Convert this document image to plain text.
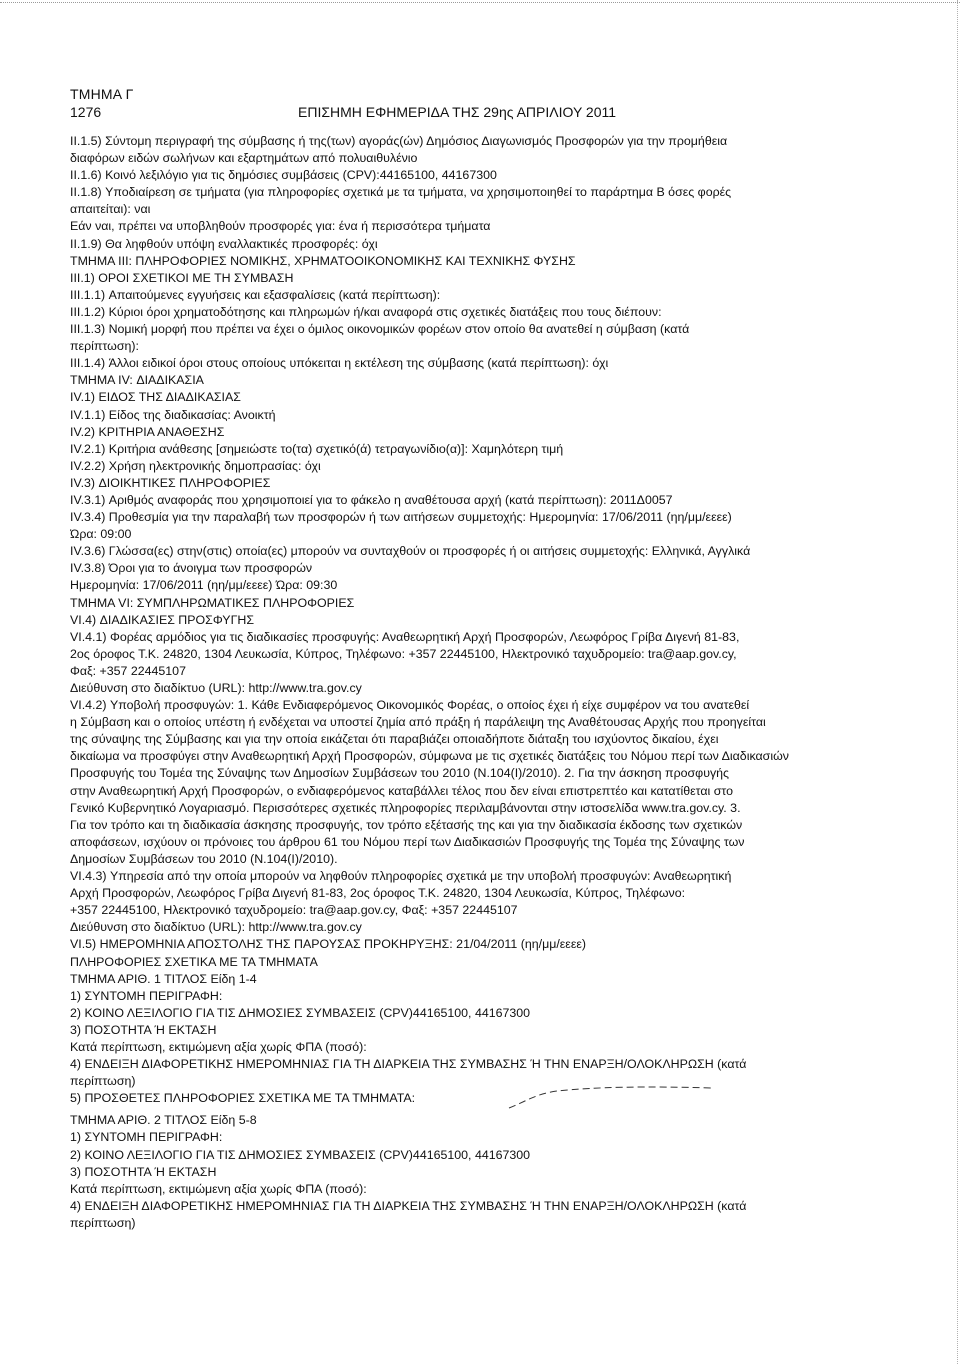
ΤΜΗΜΑ Γ
1276	ΕΠΙΣΗΜΗ ΕΦΗΜΕΡΙΔΑ ΤΗΣ 29ης ΑΠΡΙΛΙΟΥ 2011
II.1.5) Σύντομη περιγραφή της σύμβασης ή της(των) αγοράς(ών) Δημόσιος Διαγωνισμός Προσφορών για την προμήθεια
διαφόρων ειδών σωλήνων και εξαρτημάτων από πολυαιθυλένιο
II.1.6) Κοινό λεξιλόγιο για τις δημόσιες συμβάσεις (CPV):44165100, 44167300
II.1.8) Υποδιαίρεση σε τμήματα (για πληροφορίες σχετικά με τα τμήματα, να χρησιμοποιηθεί το παράρτημα Β όσες φορές
απαιτείται): ναι
Εάν ναι, πρέπει να υποβληθούν προσφορές για: ένα ή περισσότερα τμήματα
II.1.9) Θα ληφθούν υπόψη εναλλακτικές προσφορές: όχι
ΤΜΗΜΑ III: ΠΛΗΡΟΦΟΡΙΕΣ ΝΟΜΙΚΗΣ, ΧΡΗΜΑΤΟΟΙΚΟΝΟΜΙΚΗΣ ΚΑΙ ΤΕΧΝΙΚΗΣ ΦΥΣΗΣ
III.1) ΟΡΟΙ ΣΧΕΤΙΚΟΙ ΜΕ ΤΗ ΣΥΜΒΑΣΗ
III.1.1) Απαιτούμενες εγγυήσεις και εξασφαλίσεις (κατά περίπτωση):
III.1.2) Κύριοι όροι χρηματοδότησης και πληρωμών ή/και αναφορά στις σχετικές διατάξεις που τους διέπουν:
III.1.3) Νομική μορφή που πρέπει να έχει ο όμιλος οικονομικών φορέων στον οποίο θα ανατεθεί η σύμβαση (κατά
περίπτωση):
III.1.4) Άλλοι ειδικοί όροι στους οποίους υπόκειται η εκτέλεση της σύμβασης (κατά περίπτωση): όχι
ΤΜΗΜΑ IV: ΔΙΑΔΙΚΑΣΙΑ
IV.1) ΕΙΔΟΣ ΤΗΣ ΔΙΑΔΙΚΑΣΙΑΣ
IV.1.1) Είδος της διαδικασίας: Ανοικτή
IV.2) ΚΡΙΤΗΡΙΑ ΑΝΑΘΕΣΗΣ
IV.2.1) Κριτήρια ανάθεσης [σημειώστε το(τα) σχετικό(ά) τετραγωνίδιο(α)]: Χαμηλότερη τιμή
IV.2.2) Χρήση ηλεκτρονικής δημοπρασίας: όχι
IV.3) ΔΙΟΙΚΗΤΙΚΕΣ ΠΛΗΡΟΦΟΡΙΕΣ
IV.3.1) Αριθμός αναφοράς που χρησιμοποιεί για το φάκελο η αναθέτουσα αρχή (κατά περίπτωση): 2011Δ0057
IV.3.4) Προθεσμία για την παραλαβή των προσφορών ή των αιτήσεων συμμετοχής: Ημερομηνία: 17/06/2011 (ηη/μμ/εεεε)
Ώρα: 09:00
IV.3.6) Γλώσσα(ες) στην(στις) οποία(ες) μπορούν να συνταχθούν οι προσφορές ή οι αιτήσεις συμμετοχής: Ελληνικά, Αγγλικά
IV.3.8) Όροι για το άνοιγμα των προσφορών
Ημερομηνία: 17/06/2011 (ηη/μμ/εεεε) Ώρα: 09:30
ΤΜΗΜΑ VI: ΣΥΜΠΛΗΡΩΜΑΤΙΚΕΣ ΠΛΗΡΟΦΟΡΙΕΣ
VI.4) ΔΙΑΔΙΚΑΣΙΕΣ ΠΡΟΣΦΥΓΗΣ
VI.4.1) Φορέας αρμόδιος για τις διαδικασίες προσφυγής: Αναθεωρητική Αρχή Προσφορών, Λεωφόρος Γρίβα Διγενή 81-83,
2ος όροφος Τ.Κ. 24820, 1304 Λευκωσία, Κύπρος, Τηλέφωνο: +357 22445100, Ηλεκτρονικό ταχυδρομείο: tra@aap.gov.cy,
Φαξ: +357 22445107
Διεύθυνση στο διαδίκτυο (URL): http://www.tra.gov.cy
VI.4.2) Υποβολή προσφυγών: 1. Κάθε Ενδιαφερόμενος Οικονομικός Φορέας, ο οποίος έχει ή είχε συμφέρον να του ανατεθεί
η Σύμβαση και ο οποίος υπέστη ή ενδέχεται να υποστεί ζημία από πράξη ή παράλειψη της Αναθέτουσας Αρχής που προηγείται
της σύναψης της Σύμβασης και για την οποία εικάζεται ότι παραβιάζει οποιαδήποτε διάταξη του ισχύοντος δικαίου, έχει
δικαίωμα να προσφύγει στην Αναθεωρητική Αρχή Προσφορών, σύμφωνα με τις σχετικές διατάξεις του Νόμου περί των Διαδικασιών
Προσφυγής του Τομέα της Σύναψης των Δημοσίων Συμβάσεων του 2010 (Ν.104(Ι)/2010). 2. Για την άσκηση προσφυγής
στην Αναθεωρητική Αρχή Προσφορών, ο ενδιαφερόμενος καταβάλλει τέλος που δεν είναι επιστρεπτέο και κατατίθεται στο
Γενικό Κυβερνητικό Λογαριασμό. Περισσότερες σχετικές πληροφορίες περιλαμβάνονται στην ιστοσελίδα www.tra.gov.cy. 3.
Για τον τρόπο και τη διαδικασία άσκησης προσφυγής, τον τρόπο εξέτασής της και για την διαδικασία έκδοσης των σχετικών
αποφάσεων, ισχύουν οι πρόνοιες του άρθρου 61 του Νόμου περί των Διαδικασιών Προσφυγής της Τομέα της Σύναψης των
Δημοσίων Συμβάσεων του 2010 (Ν.104(Ι)/2010).
VI.4.3) Υπηρεσία από την οποία μπορούν να ληφθούν πληροφορίες σχετικά με την υποβολή προσφυγών: Αναθεωρητική
Αρχή Προσφορών, Λεωφόρος Γρίβα Διγενή 81-83, 2ος όροφος Τ.Κ. 24820, 1304 Λευκωσία, Κύπρος, Τηλέφωνο:
+357 22445100, Ηλεκτρονικό ταχυδρομείο: tra@aap.gov.cy, Φαξ: +357 22445107
Διεύθυνση στο διαδίκτυο (URL): http://www.tra.gov.cy
VI.5) ΗΜΕΡΟΜΗΝΙΑ ΑΠΟΣΤΟΛΗΣ ΤΗΣ ΠΑΡΟΥΣΑΣ ΠΡΟΚΗΡΥΞΗΣ: 21/04/2011 (ηη/μμ/εεεε)
ΠΛΗΡΟΦΟΡΙΕΣ ΣΧΕΤΙΚΑ ΜΕ ΤΑ ΤΜΗΜΑΤΑ
ΤΜΗΜΑ ΑΡΙΘ. 1 ΤΙΤΛΟΣ Είδη 1-4
1) ΣΥΝΤΟΜΗ ΠΕΡΙΓΡΑΦΗ:
2) ΚΟΙΝΟ ΛΕΞΙΛΟΓΙΟ ΓΙΑ ΤΙΣ ΔΗΜΟΣΙΕΣ ΣΥΜΒΑΣΕΙΣ (CPV)44165100, 44167300
3) ΠΟΣΟΤΗΤΑ Ή ΕΚΤΑΣΗ
Κατά περίπτωση, εκτιμώμενη αξία χωρίς ΦΠΑ (ποσό):
4) ΕΝΔΕΙΞΗ ΔΙΑΦΟΡΕΤΙΚΗΣ ΗΜΕΡΟΜΗΝΙΑΣ ΓΙΑ ΤΗ ΔΙΑΡΚΕΙΑ ΤΗΣ ΣΥΜΒΑΣΗΣ Ή ΤΗΝ ΕΝΑΡΞΗ/ΟΛΟΚΛΗΡΩΣΗ (κατά
περίπτωση)
5) ΠΡΟΣΘΕΤΕΣ ΠΛΗΡΟΦΟΡΙΕΣ ΣΧΕΤΙΚΑ ΜΕ ΤΑ ΤΜΗΜΑΤΑ:
ΤΜΗΜΑ ΑΡΙΘ. 2 ΤΙΤΛΟΣ Είδη 5-8
1) ΣΥΝΤΟΜΗ ΠΕΡΙΓΡΑΦΗ:
2) ΚΟΙΝΟ ΛΕΞΙΛΟΓΙΟ ΓΙΑ ΤΙΣ ΔΗΜΟΣΙΕΣ ΣΥΜΒΑΣΕΙΣ (CPV)44165100, 44167300
3) ΠΟΣΟΤΗΤΑ Ή ΕΚΤΑΣΗ
Κατά περίπτωση, εκτιμώμενη αξία χωρίς ΦΠΑ (ποσό):
4) ΕΝΔΕΙΞΗ ΔΙΑΦΟΡΕΤΙΚΗΣ ΗΜΕΡΟΜΗΝΙΑΣ ΓΙΑ ΤΗ ΔΙΑΡΚΕΙΑ ΤΗΣ ΣΥΜΒΑΣΗΣ Ή ΤΗΝ ΕΝΑΡΞΗ/ΟΛΟΚΛΗΡΩΣΗ (κατά
περίπτωση)
